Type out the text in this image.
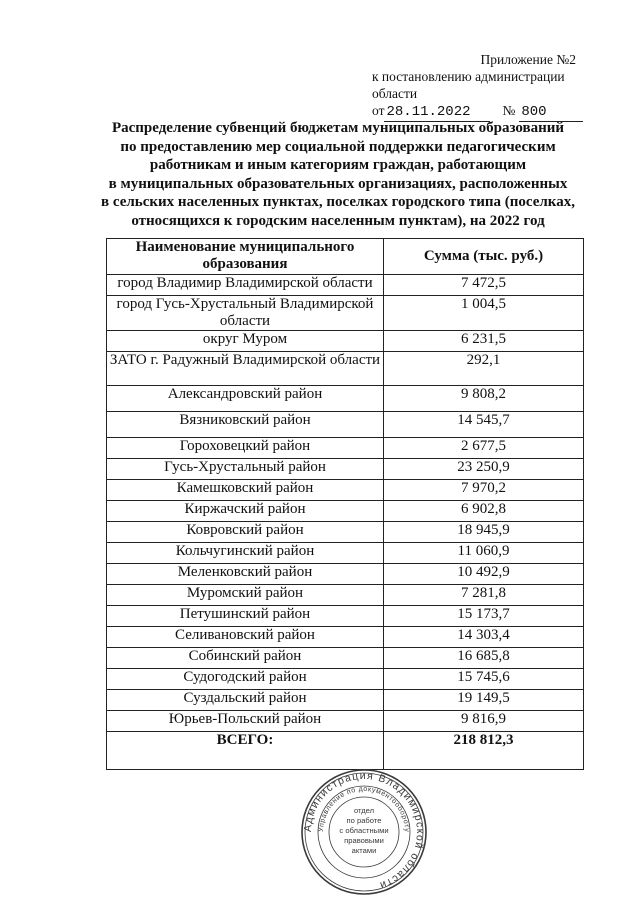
Приложение №2
к постановлению администрации области
от 28.11.2022	№ 800
Распределение субвенций бюджетам муниципальных образований
по предоставлению мер социальной поддержки педагогическим
работникам и иным категориям граждан, работающим
в муниципальных образовательных организациях, расположенных
в сельских населенных пунктах, поселках городского типа (поселках,
относящихся к городским населенным пунктам), на 2022 год
Наименование муниципального образования	Сумма (тыс. руб.)
город Владимир Владимирской области	7 472,5
город Гусь-Хрустальный Владимирской области	1 004,5
округ Муром	6 231,5
ЗАТО г. Радужный Владимирской области	292,1
Александровский район	9 808,2
Вязниковский район	14 545,7
Гороховецкий район	2 677,5
Гусь-Хрустальный район	23 250,9
Камешковский район	7 970,2
Киржачский район	6 902,8
Ковровский район	18 945,9
Кольчугинский район	11 060,9
Меленковский район	10 492,9
Муромский район	7 281,8
Петушинский район	15 173,7
Селивановский район	14 303,4
Собинский район	16 685,8
Судогодский район	15 745,6
Суздальский район	19 149,5
Юрьев-Польский район	9 816,9
ВСЕГО:	218 812,3
Администрация Владимирской области
Управление по документообороту
отдел
по работе
с областными
правовыми
актами
